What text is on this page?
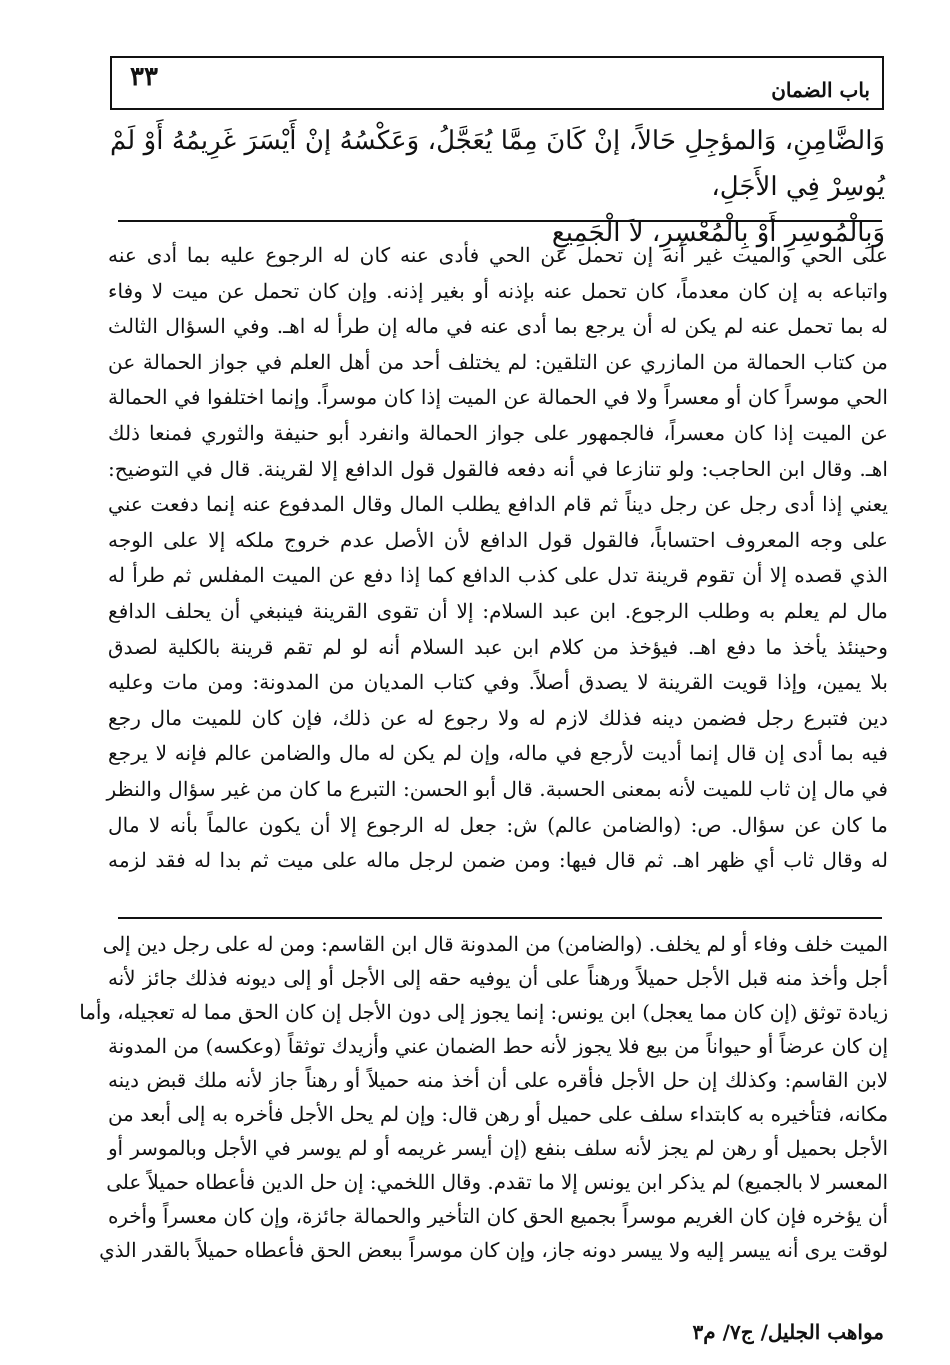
٣٣	باب الضمان

وَالضَّامِنِ، وَالمؤجِلِ حَالاً، إنْ كَانَ مِمَّا يُعَجَّلُ، وَعَكْسُهُ إنْ أَيْسَرَ غَرِيمُهُ أَوْ لَمْ يُوسِرْ فِي الأَجَلِ،

وَبِالْمُوسِرِ أَوْ بِالْمُعْسِرِ، لاَ الْجَمِيعِ

على الحي والميت غير أنه إن تحمل عن الحي فأدى عنه كان له الرجوع عليه بما أدى عنه

واتباعه به إن كان معدماً، كان تحمل عنه بإذنه أو بغير إذنه. وإن كان تحمل عن ميت لا وفاء

له بما تحمل عنه لم يكن له أن يرجع بما أدى عنه في ماله إن طرأ له اهـ. وفي السؤال الثالث

من كتاب الحمالة من المازري عن التلقين: لم يختلف أحد من أهل العلم في جواز الحمالة عن

الحي موسراً كان أو معسراً ولا في الحمالة عن الميت إذا كان موسراً. وإنما اختلفوا في الحمالة

عن الميت إذا كان معسراً، فالجمهور على جواز الحمالة وانفرد أبو حنيفة والثوري فمنعا ذلك

اهـ. وقال ابن الحاجب: ولو تنازعا في أنه دفعه فالقول قول الدافع إلا لقرينة. قال في التوضيح:

يعني إذا أدى رجل عن رجل ديناً ثم قام الدافع يطلب المال وقال المدفوع عنه إنما دفعت عني

على وجه المعروف احتساباً، فالقول قول الدافع لأن الأصل عدم خروج ملكه إلا على الوجه

الذي قصده إلا أن تقوم قرينة تدل على كذب الدافع كما إذا دفع عن الميت المفلس ثم طرأ له

مال لم يعلم به وطلب الرجوع. ابن عبد السلام: إلا أن تقوى القرينة فينبغي أن يحلف الدافع

وحينئذ يأخذ ما دفع اهـ. فيؤخذ من كلام ابن عبد السلام أنه لو لم تقم قرينة بالكلية لصدق

بلا يمين، وإذا قويت القرينة لا يصدق أصلاً. وفي كتاب المديان من المدونة: ومن مات وعليه

دين فتبرع رجل فضمن دينه فذلك لازم له ولا رجوع له عن ذلك، فإن كان للميت مال رجع

فيه بما أدى إن قال إنما أديت لأرجع في ماله، وإن لم يكن له مال والضامن عالم فإنه لا يرجع

في مال إن ثاب للميت لأنه بمعنى الحسبة. قال أبو الحسن: التبرع ما كان من غير سؤال والنظر

ما كان عن سؤال. ص: (والضامن عالم) ش: جعل له الرجوع إلا أن يكون عالماً بأنه لا مال

له وقال ثاب أي ظهر اهـ. ثم قال فيها: ومن ضمن لرجل ماله على ميت ثم بدا له فقد لزمه

الميت خلف وفاء أو لم يخلف. (والضامن) من المدونة قال ابن القاسم: ومن له على رجل دين إلى

أجل وأخذ منه قبل الأجل حميلاً ورهناً على أن يوفيه حقه إلى الأجل أو إلى ديونه فذلك جائز لأنه

زيادة توثق (إن كان مما يعجل) ابن يونس: إنما يجوز إلى دون الأجل إن كان الحق مما له تعجيله، وأما

إن كان عرضاً أو حيواناً من بيع فلا يجوز لأنه حط الضمان عني وأزيدك توثقاً (وعكسه) من المدونة

لابن القاسم: وكذلك إن حل الأجل فأقره على أن أخذ منه حميلاً أو رهناً جاز لأنه ملك قبض دينه

مكانه، فتأخيره به كابتداء سلف على حميل أو رهن قال: وإن لم يحل الأجل فأخره به إلى أبعد من

الأجل بحميل أو رهن لم يجز لأنه سلف بنفع (إن أيسر غريمه أو لم يوسر في الأجل وبالموسر أو

المعسر لا بالجميع) لم يذكر ابن يونس إلا ما تقدم. وقال اللخمي: إن حل الدين فأعطاه حميلاً على

أن يؤخره فإن كان الغريم موسراً بجميع الحق كان التأخير والحمالة جائزة، وإن كان معسراً وأخره

لوقت يرى أنه ييسر إليه ولا ييسر دونه جاز، وإن كان موسراً ببعض الحق فأعطاه حميلاً بالقدر الذي

مواهب الجليل/ ج٧/ م٣
